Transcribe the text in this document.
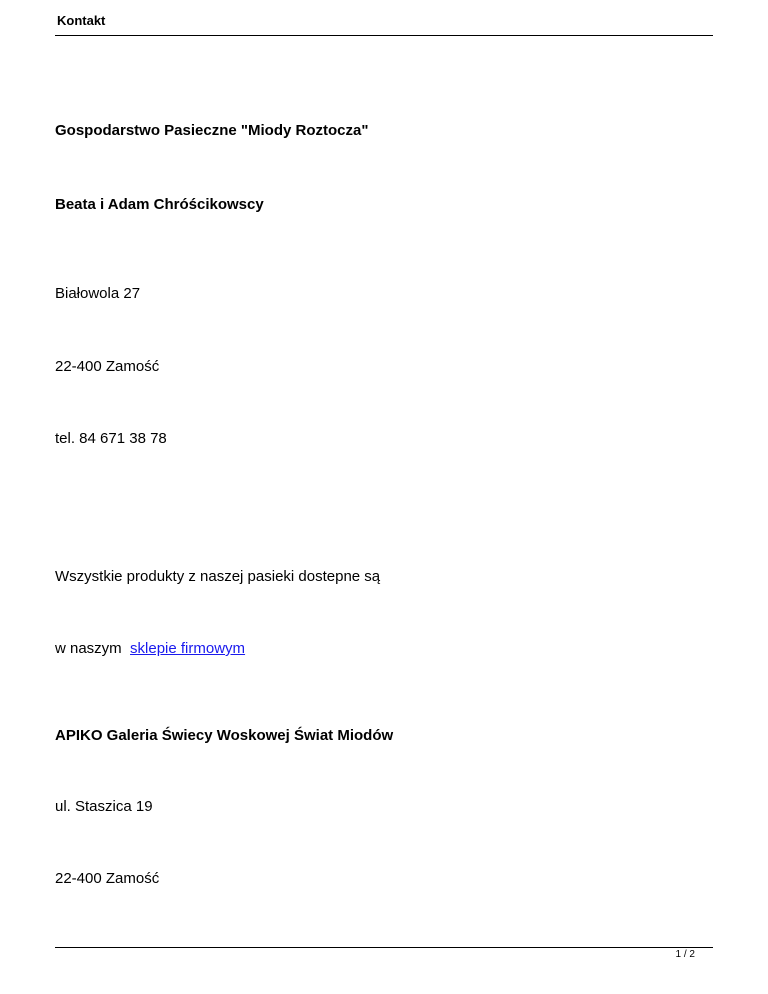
Kontakt
Gospodarstwo Pasieczne "Miody Roztocza"
Beata i Adam Chróścikowscy
Białowola 27
22-400 Zamość
tel. 84 671 38 78
Wszystkie produkty z naszej pasieki dostepne są
w naszym sklepie firmowym
APIKO Galeria Świecy Woskowej Świat Miodów
ul. Staszica 19
22-400 Zamość
1 / 2
